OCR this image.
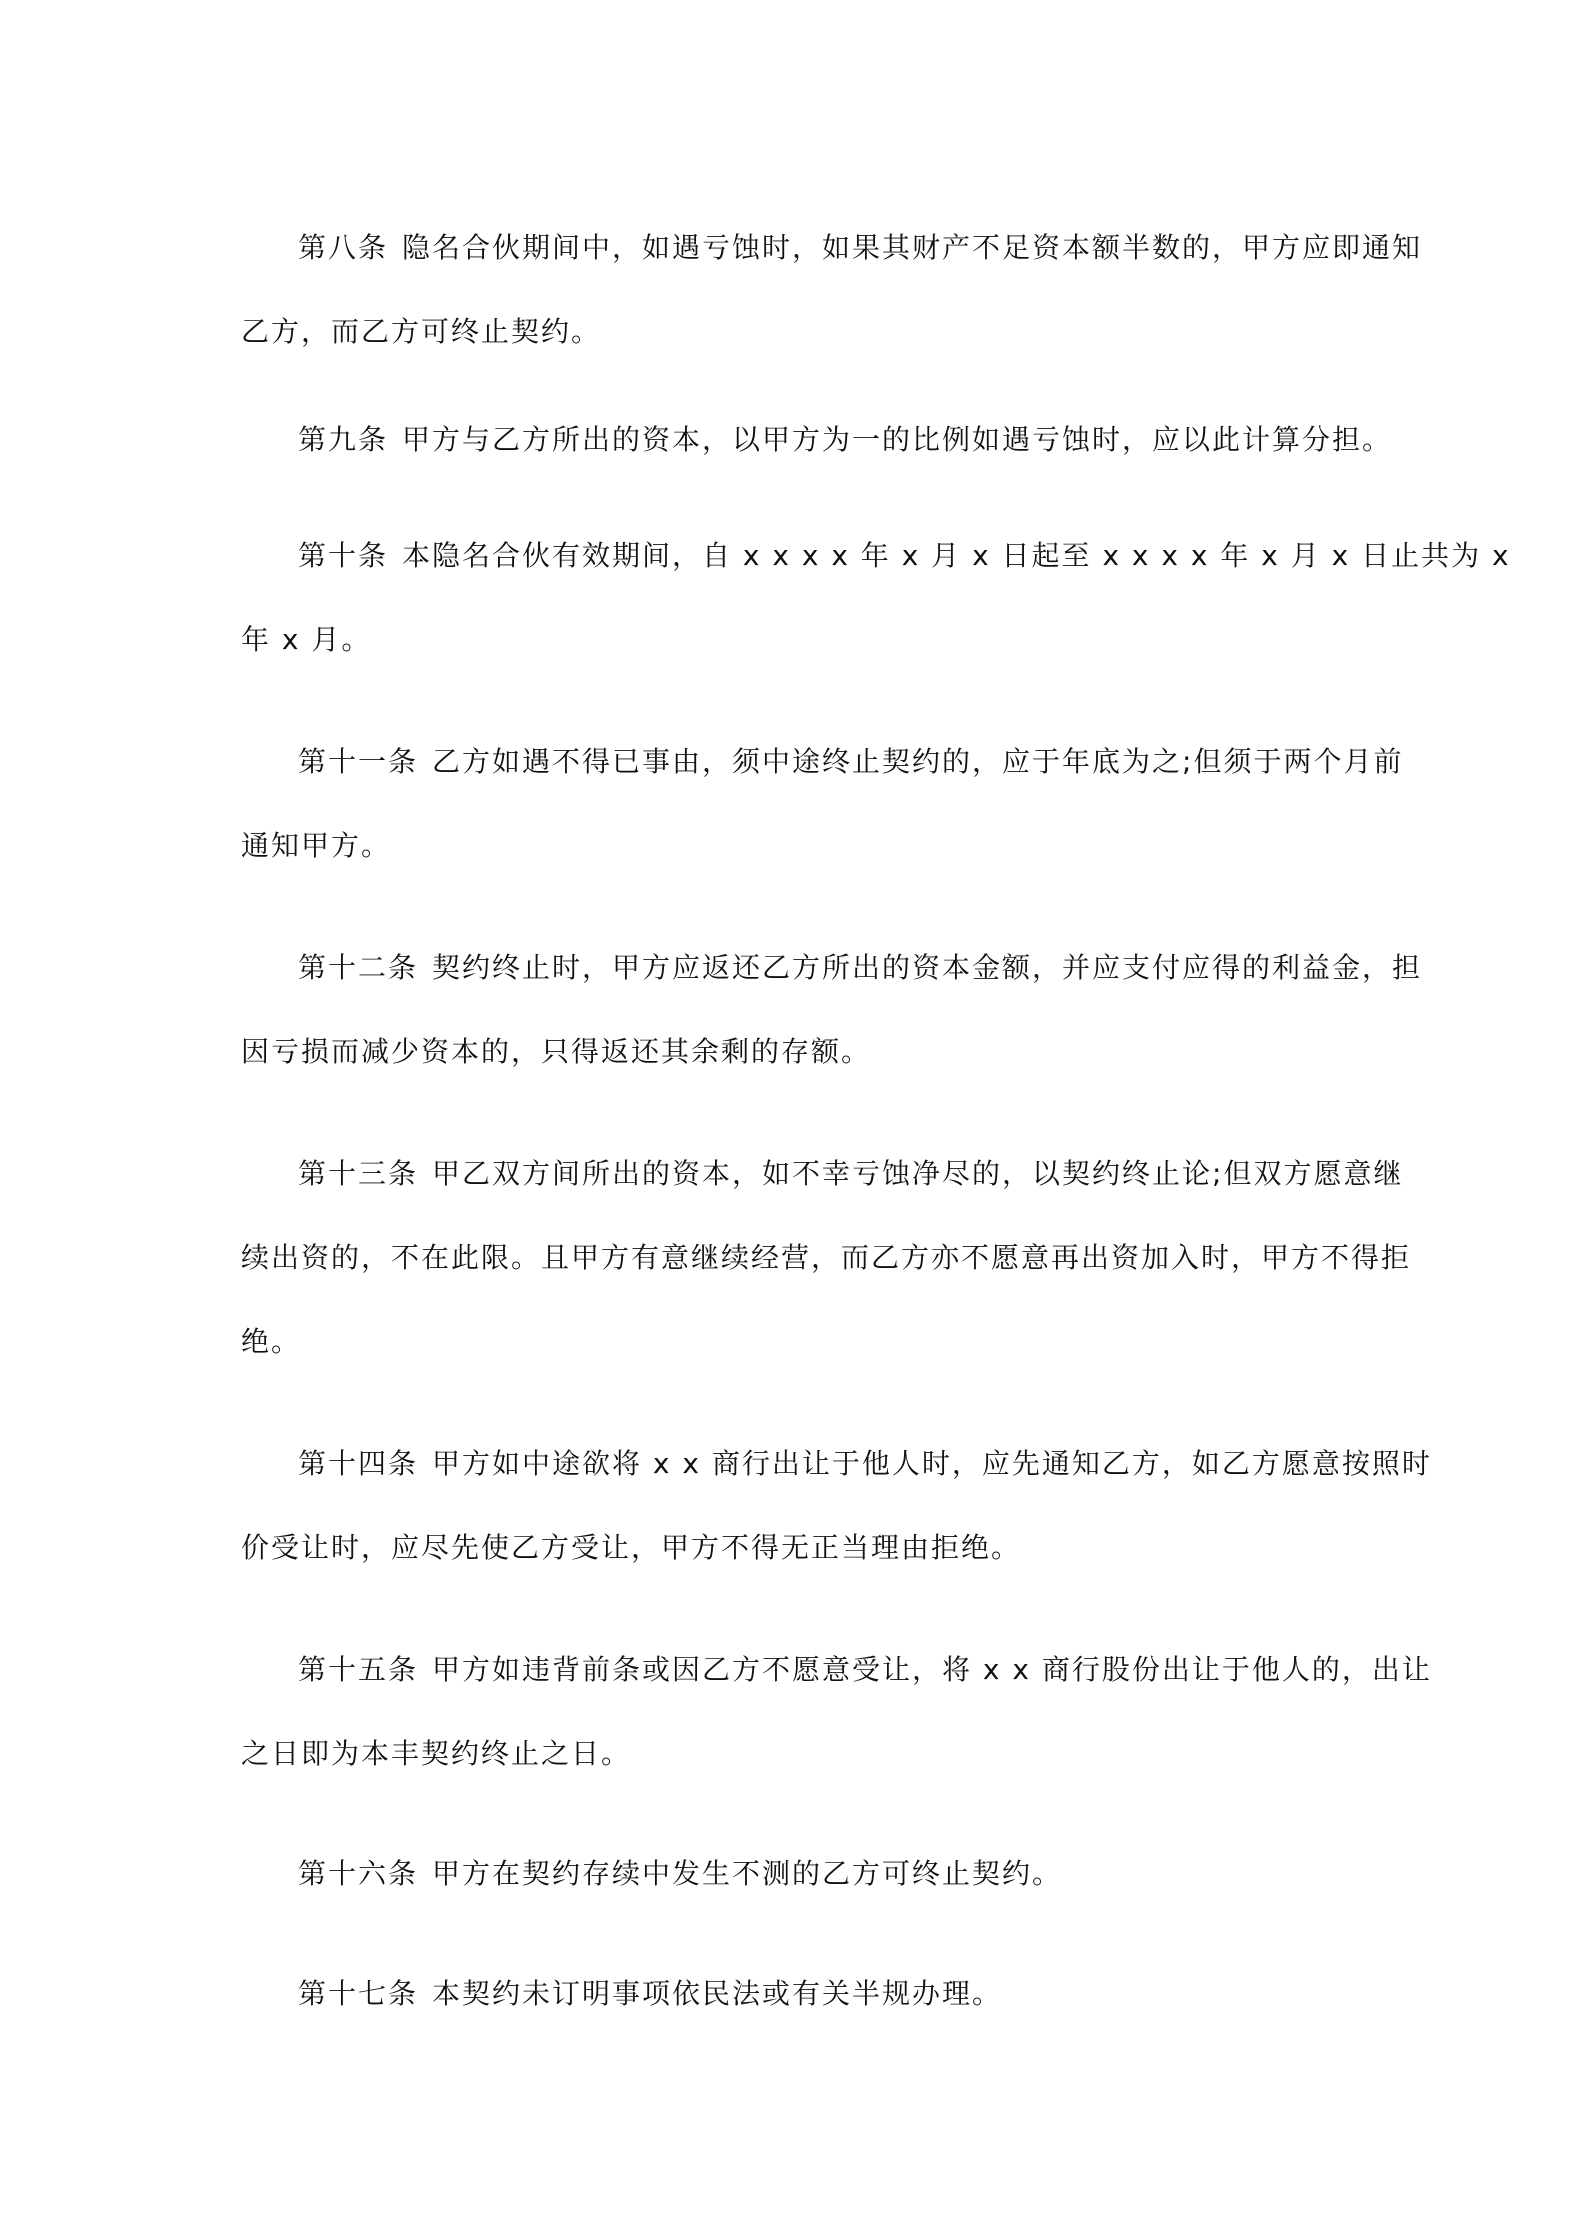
第八条 隐名合伙期间中，如遇亏蚀时，如果其财产不足资本额半数的，甲方应即通知
乙方，而乙方可终止契约。

第九条 甲方与乙方所出的资本，以甲方为一的比例如遇亏蚀时，应以此计算分担。

第十条 本隐名合伙有效期间，自 x x x x 年 x 月 x 日起至 x x x x 年 x 月 x 日止共为 x
年 x 月。

第十一条 乙方如遇不得已事由，须中途终止契约的，应于年底为之;但须于两个月前
通知甲方。

第十二条 契约终止时，甲方应返还乙方所出的资本金额，并应支付应得的利益金，担
因亏损而减少资本的，只得返还其余剩的存额。

第十三条 甲乙双方间所出的资本，如不幸亏蚀净尽的，以契约终止论;但双方愿意继
续出资的，不在此限。且甲方有意继续经营，而乙方亦不愿意再出资加入时，甲方不得拒
绝。

第十四条 甲方如中途欲将 x x 商行出让于他人时，应先通知乙方，如乙方愿意按照时
价受让时，应尽先使乙方受让，甲方不得无正当理由拒绝。

第十五条 甲方如违背前条或因乙方不愿意受让，将 x x 商行股份出让于他人的，出让
之日即为本丰契约终止之日。

第十六条 甲方在契约存续中发生不测的乙方可终止契约。

第十七条 本契约未订明事项依民法或有关半规办理。
